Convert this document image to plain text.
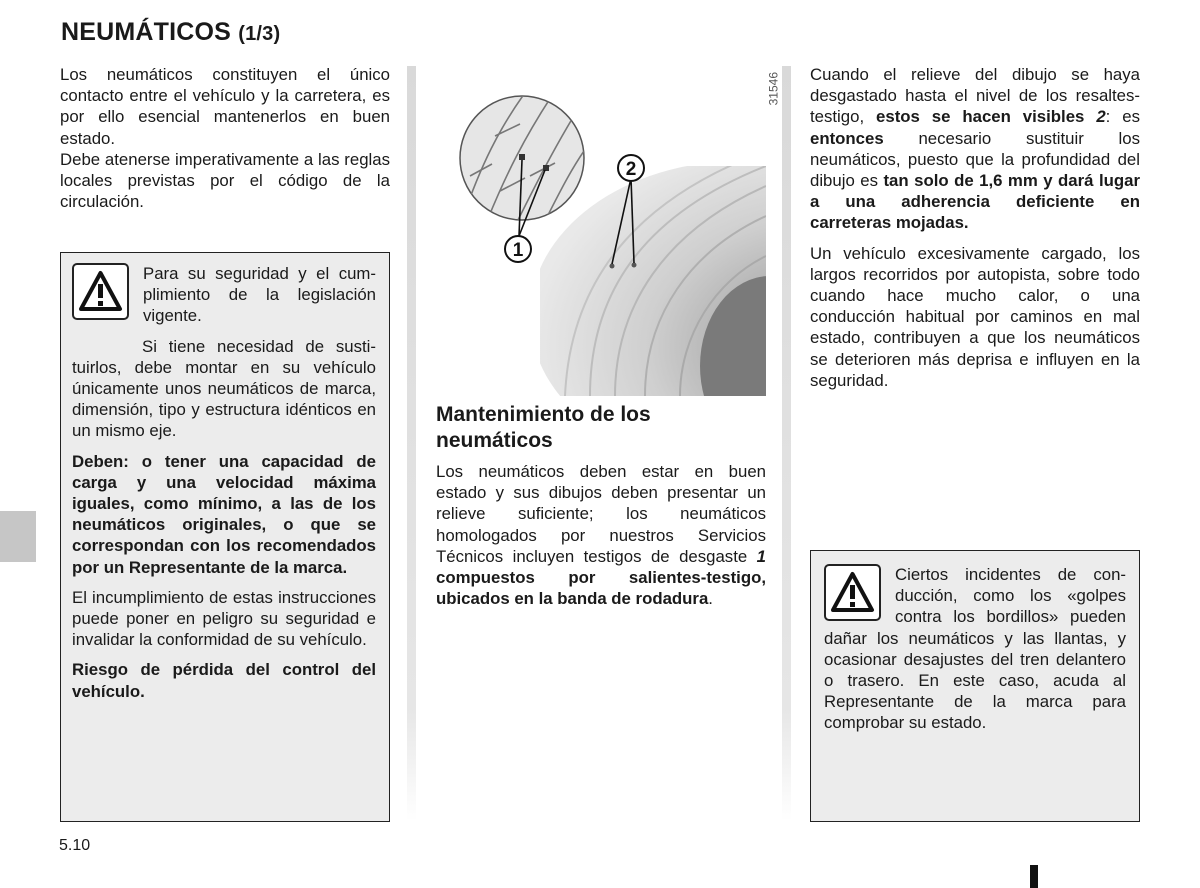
NEUMÁTICOS (1/3)

Los neumáticos constituyen el único contacto entre el vehículo y la carretera, es por ello esencial mantenerlos en buen estado.

Debe atenerse imperativamente a las reglas locales previstas por el código de la circulación.

Para su seguridad y el cumplimiento de la legislación vigente.

Si tiene necesidad de sustituirlos, debe montar en su vehículo únicamente unos neumáticos de marca, dimensión, tipo y estructura idénticos en un mismo eje.

Deben: o tener una capacidad de carga y una velocidad máxima iguales, como mínimo, a las de los neumáticos originales, o que se correspondan con los recomendados por un Representante de la marca.

El incumplimiento de estas instrucciones puede poner en peligro su seguridad e invalidar la conformidad de su vehículo.

Riesgo de pérdida del control del vehículo.

1
2
31546
Mantenimiento de los neumáticos

Los neumáticos deben estar en buen estado y sus dibujos deben presentar un relieve suficiente; los neumáticos homologados por nuestros Servicios Técnicos incluyen testigos de desgaste 1 compuestos por salientes-testigo, ubicados en la banda de rodadura.

Cuando el relieve del dibujo se haya desgastado hasta el nivel de los resaltes-testigo, estos se hacen visibles 2: es entonces necesario sustituir los neumáticos, puesto que la profundidad del dibujo es tan solo de 1,6 mm y dará lugar a una adherencia deficiente en carreteras mojadas.

Un vehículo excesivamente cargado, los largos recorridos por autopista, sobre todo cuando hace mucho calor, o una conducción habitual por caminos en mal estado, contribuyen a que los neumáticos se deterioren más deprisa e influyen en la seguridad.

Ciertos incidentes de conducción, como los «golpes contra los bordillos» pueden dañar los neumáticos y las llantas, y ocasionar desajustes del tren delantero o trasero. En este caso, acuda al Representante de la marca para comprobar su estado.

5.10
